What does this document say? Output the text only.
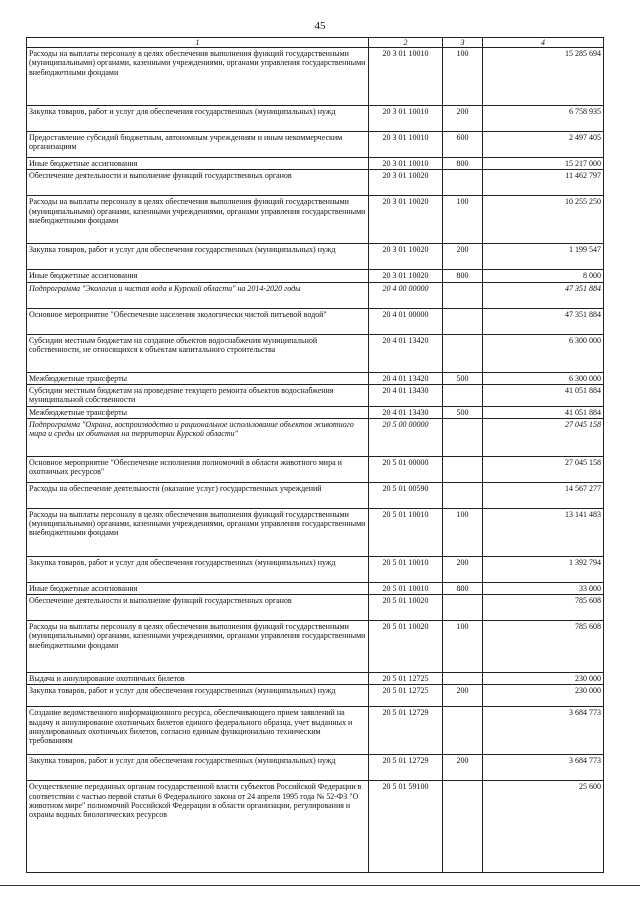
45
1	2	3	4
Расходы на выплаты персоналу в целях обеспечения выполнения функций государственными (муниципальными) органами, казенными учреждениями, органами управления государственными внебюджетными фондами	20 3 01 10010	100	15 285 694
Закупка товаров, работ и услуг для обеспечения государственных (муниципальных) нужд	20 3 01 10010	200	6 758 935
Предоставление субсидий бюджетным, автономным учреждениям и иным некоммерческим организациям	20 3 01 10010	600	2 497 405
Иные бюджетные ассигнования	20 3 01 10010	800	15 217 000
Обеспечение деятельности и выполнение функций государственных органов	20 3 01 10020		11 462 797
Расходы на выплаты персоналу в целях обеспечения выполнения функций государственными (муниципальными) органами, казенными учреждениями, органами управления государственными внебюджетными фондами	20 3 01 10020	100	10 255 250
Закупка товаров, работ и услуг для обеспечения государственных (муниципальных) нужд	20 3 01 10020	200	1 199 547
Иные бюджетные ассигнования	20 3 01 10020	800	8 000
Подпрограмма "Экология и чистая вода в Курской области" на 2014-2020 годы	20 4 00 00000		47 351 884
Основное мероприятие "Обеспечение населения экологически чистой питьевой водой"	20 4 01 00000		47 351 884
Субсидии местным бюджетам на создание объектов водоснабжения муниципальной собственности, не относящихся к объектам капитального строительства	20 4 01 13420		6 300 000
Межбюджетные трансферты	20 4 01 13420	500	6 300 000
Субсидии местным бюджетам на проведение текущего ремонта объектов водоснабжения муниципальной собственности	20 4 01 13430		41 051 884
Межбюджетные трансферты	20 4 01 13430	500	41 051 884
Подпрограмма "Охрана, воспроизводство и рациональное использование объектов животного мира и среды их обитания на территории Курской области"	20 5 00 00000		27 045 158
Основное мероприятие "Обеспечение исполнения полномочий в области животного мира и охотничьих ресурсов"	20 5 01 00000		27 045 158
Расходы на обеспечение деятельности (оказание услуг) государственных учреждений	20 5 01 00590		14 567 277
Расходы на выплаты персоналу в целях обеспечения выполнения функций государственными (муниципальными) органами, казенными учреждениями, органами управления государственными внебюджетными фондами	20 5 01 10010	100	13 141 483
Закупка товаров, работ и услуг для обеспечения государственных (муниципальных) нужд	20 5 01 10010	200	1 392 794
Иные бюджетные ассигнования	20 5 01 10010	800	33 000
Обеспечение деятельности и выполнение функций государственных органов	20 5 01 10020		785 608
Расходы на выплаты персоналу в целях обеспечения выполнения функций государственными (муниципальными) органами, казенными учреждениями, органами управления государственными внебюджетными фондами	20 5 01 10020	100	785 608
Выдача и аннулирование охотничьих билетов	20 5 01 12725		230 000
Закупка товаров, работ и услуг для обеспечения государственных (муниципальных) нужд	20 5 01 12725	200	230 000
Создание ведомственного информационного ресурса, обеспечивающего прием заявлений на выдачу и аннулирование охотничьих билетов единого федерального образца, учет выданных и аннулированных охотничьих билетов, согласно единым функционально техническим требованиям	20 5 01 12729		3 684 773
Закупка товаров, работ и услуг для обеспечения государственных (муниципальных) нужд	20 5 01 12729	200	3 684 773
Осуществление переданных органам государственной власти субъектов Российской Федерации в соответствии с частью первой статьи 6 Федерального закона от 24 апреля 1995 года № 52-ФЗ "О животном мире" полномочий Российской Федерации в области организации, регулирования и охраны водных биологических ресурсов	20 5 01 59100		25 600
